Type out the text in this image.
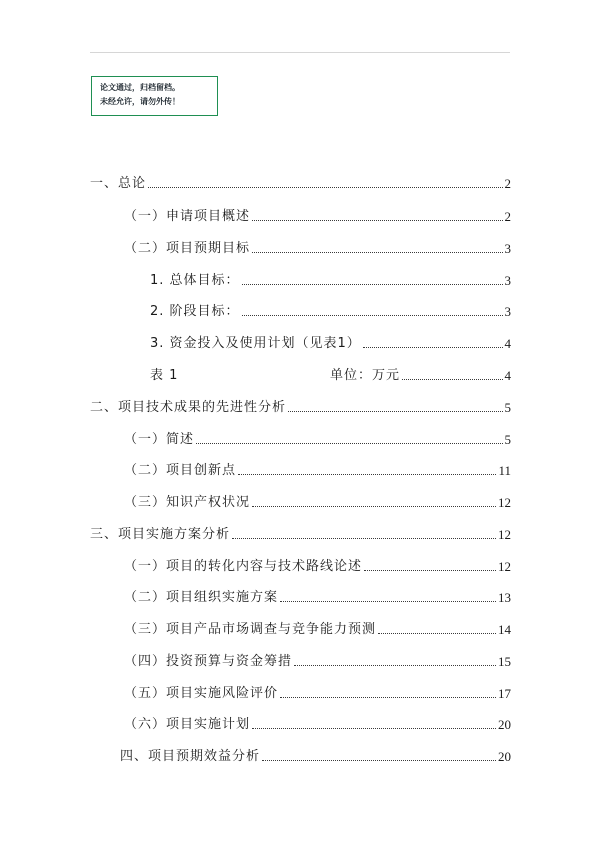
论文通过，归档留档。
未经允许，请勿外传！
一、总论	2
（一）申请项目概述	2
（二）项目预期目标	3
1. 总体目标：	3
2. 阶段目标：	3
3. 资金投入及使用计划（见表1）	4
表 1	单位：万元	4
二、项目技术成果的先进性分析	5
（一）简述	5
（二）项目创新点	11
（三）知识产权状况	12
三、项目实施方案分析	12
（一）项目的转化内容与技术路线论述	12
（二）项目组织实施方案	13
（三）项目产品市场调查与竞争能力预测	14
（四）投资预算与资金筹措	15
（五）项目实施风险评价	17
（六）项目实施计划	20
四、项目预期效益分析	20
